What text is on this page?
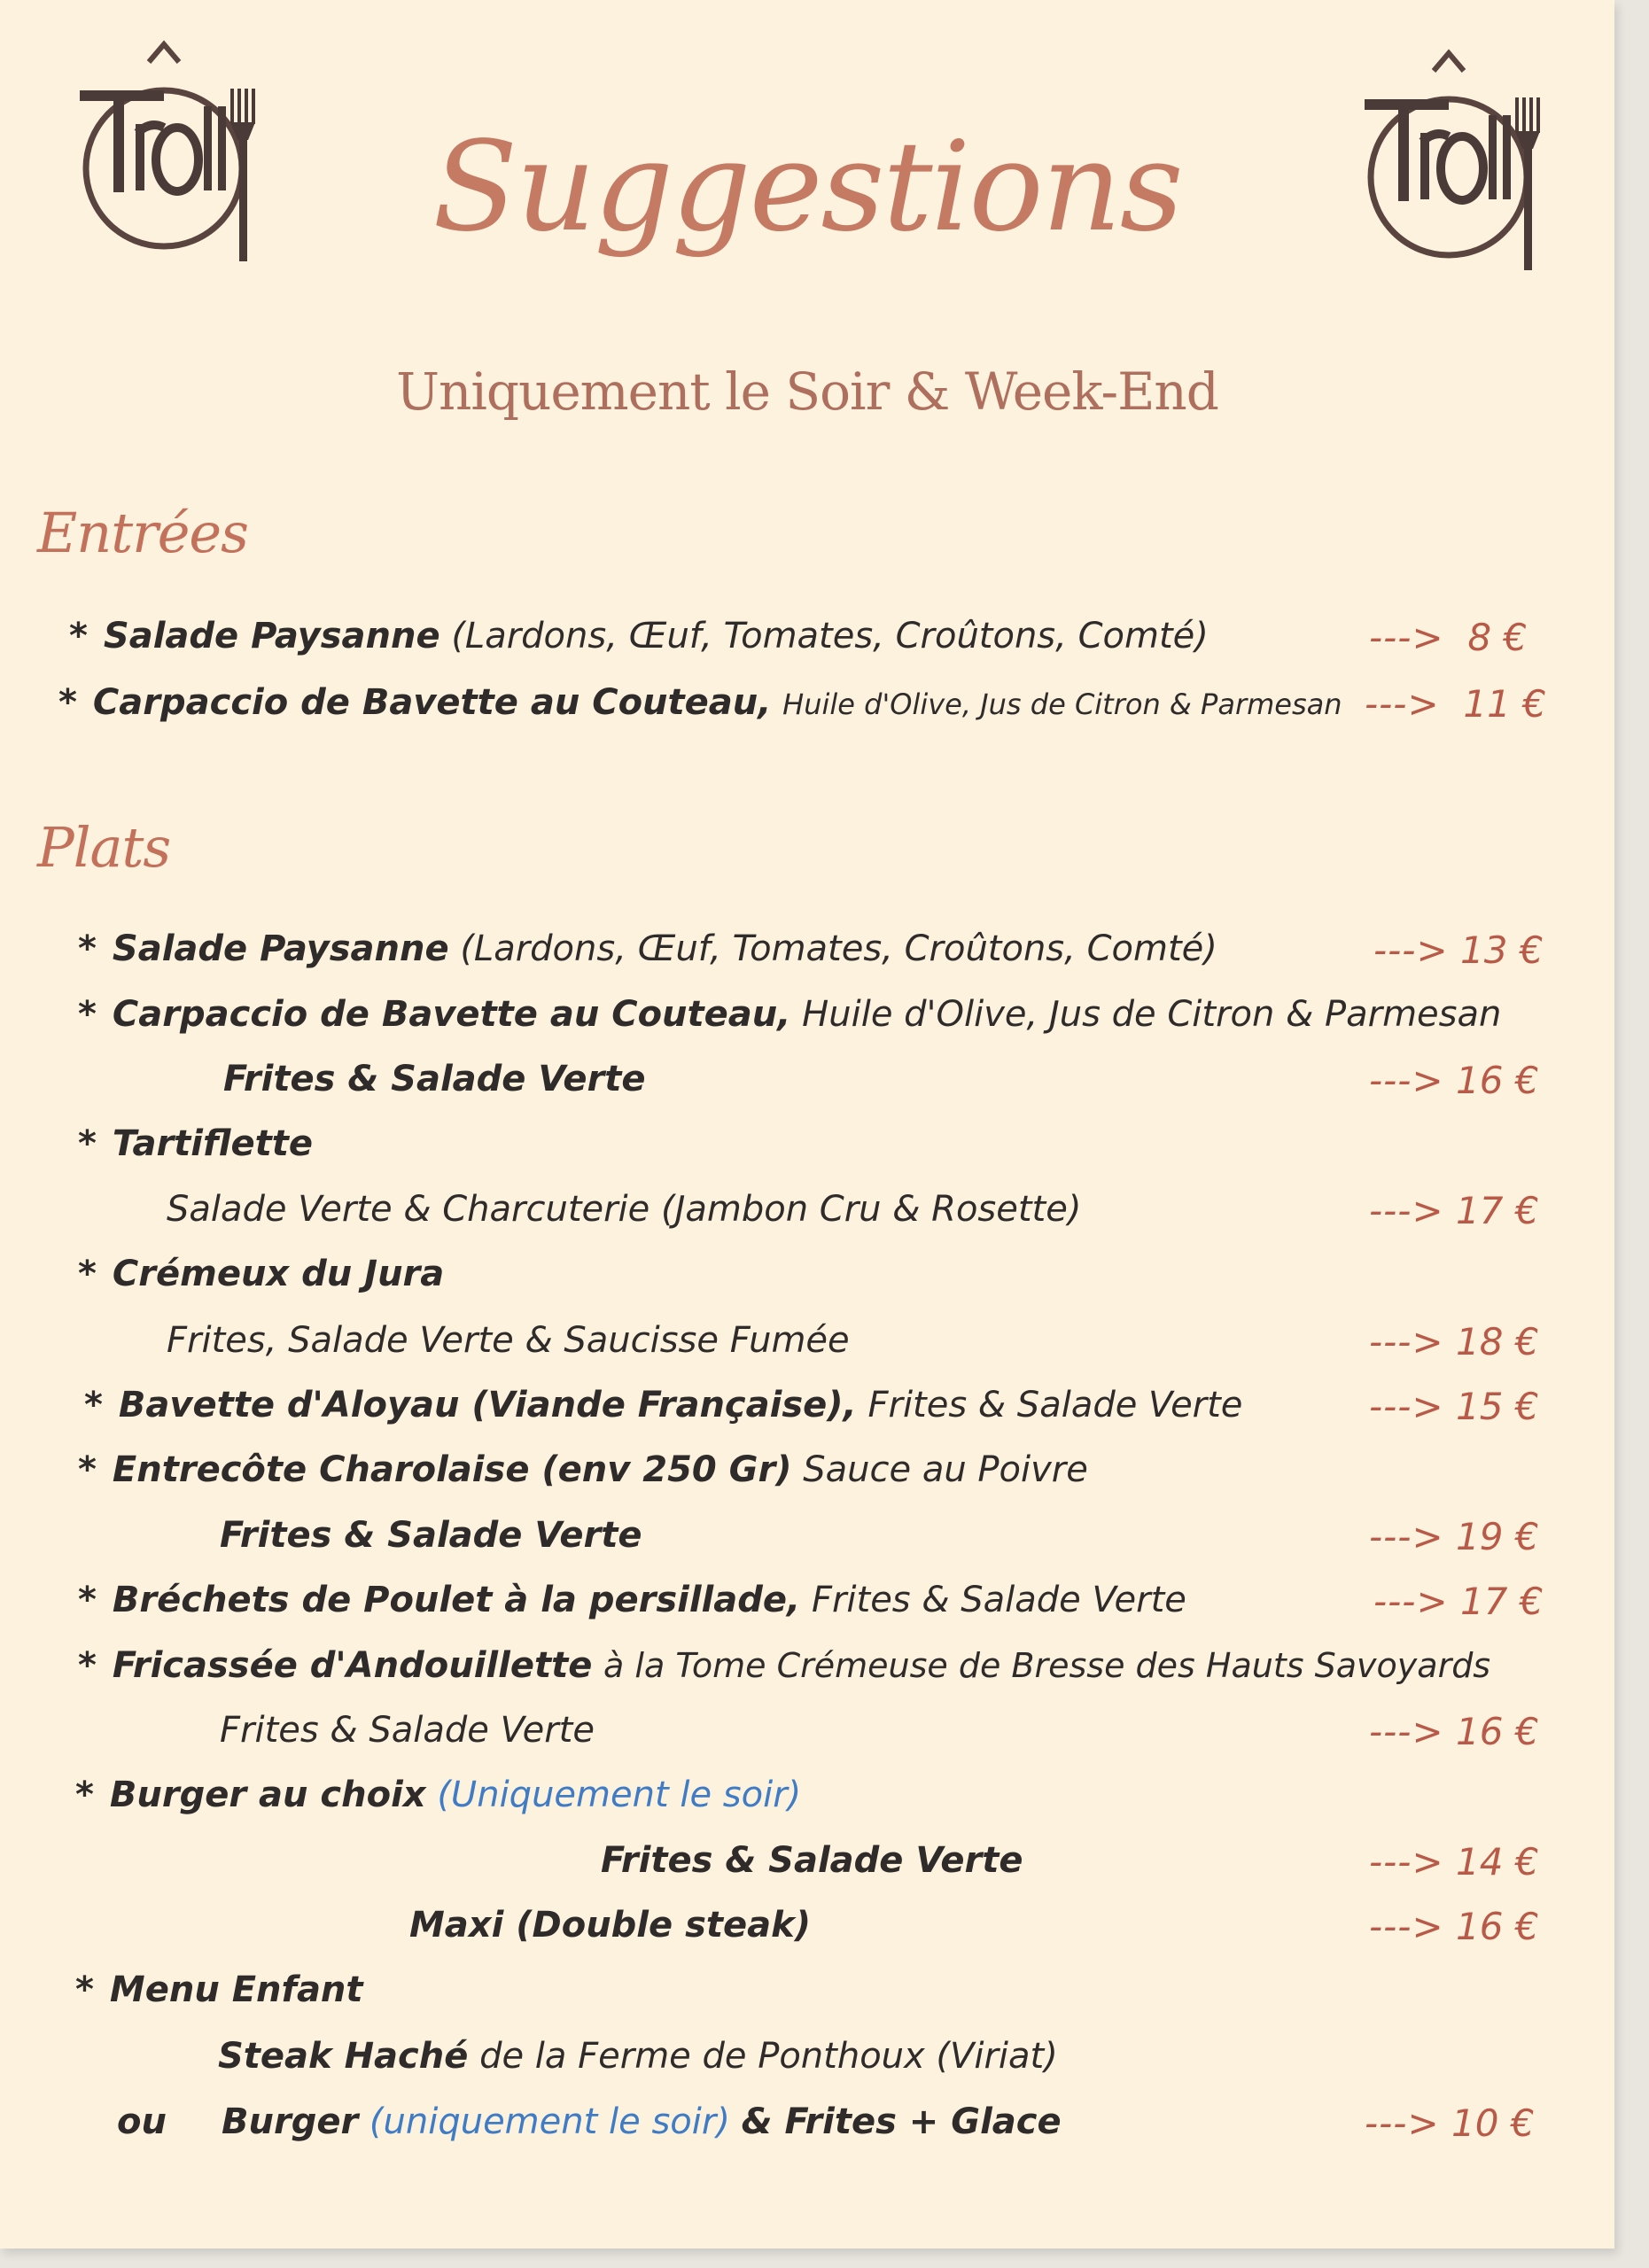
Suggestions
Uniquement le Soir & Week-End
Entrées
* Salade Paysanne (Lardons, Œuf, Tomates, Croûtons, Comté)	---> 8 €
* Carpaccio de Bavette au Couteau, Huile d'Olive, Jus de Citron & Parmesan ---> 11 €
Plats
* Salade Paysanne (Lardons, Œuf, Tomates, Croûtons, Comté)	---> 13 €
* Carpaccio de Bavette au Couteau, Huile d'Olive, Jus de Citron & Parmesan
Frites & Salade Verte	---> 16 €
* Tartiflette
Salade Verte & Charcuterie (Jambon Cru & Rosette)	---> 17 €
* Crémeux du Jura
Frites, Salade Verte & Saucisse Fumée	---> 18 €
* Bavette d'Aloyau (Viande Française), Frites & Salade Verte	---> 15 €
* Entrecôte Charolaise (env 250 Gr) Sauce au Poivre
Frites & Salade Verte	---> 19 €
* Bréchets de Poulet à la persillade, Frites & Salade Verte	---> 17 €
* Fricassée d'Andouillette à la Tome Crémeuse de Bresse des Hauts Savoyards
Frites & Salade Verte	---> 16 €
* Burger au choix (Uniquement le soir)
Frites & Salade Verte	---> 14 €
Maxi (Double steak)	---> 16 €
* Menu Enfant
Steak Haché de la Ferme de Ponthoux (Viriat)
ou Burger (uniquement le soir) & Frites + Glace	---> 10 €
